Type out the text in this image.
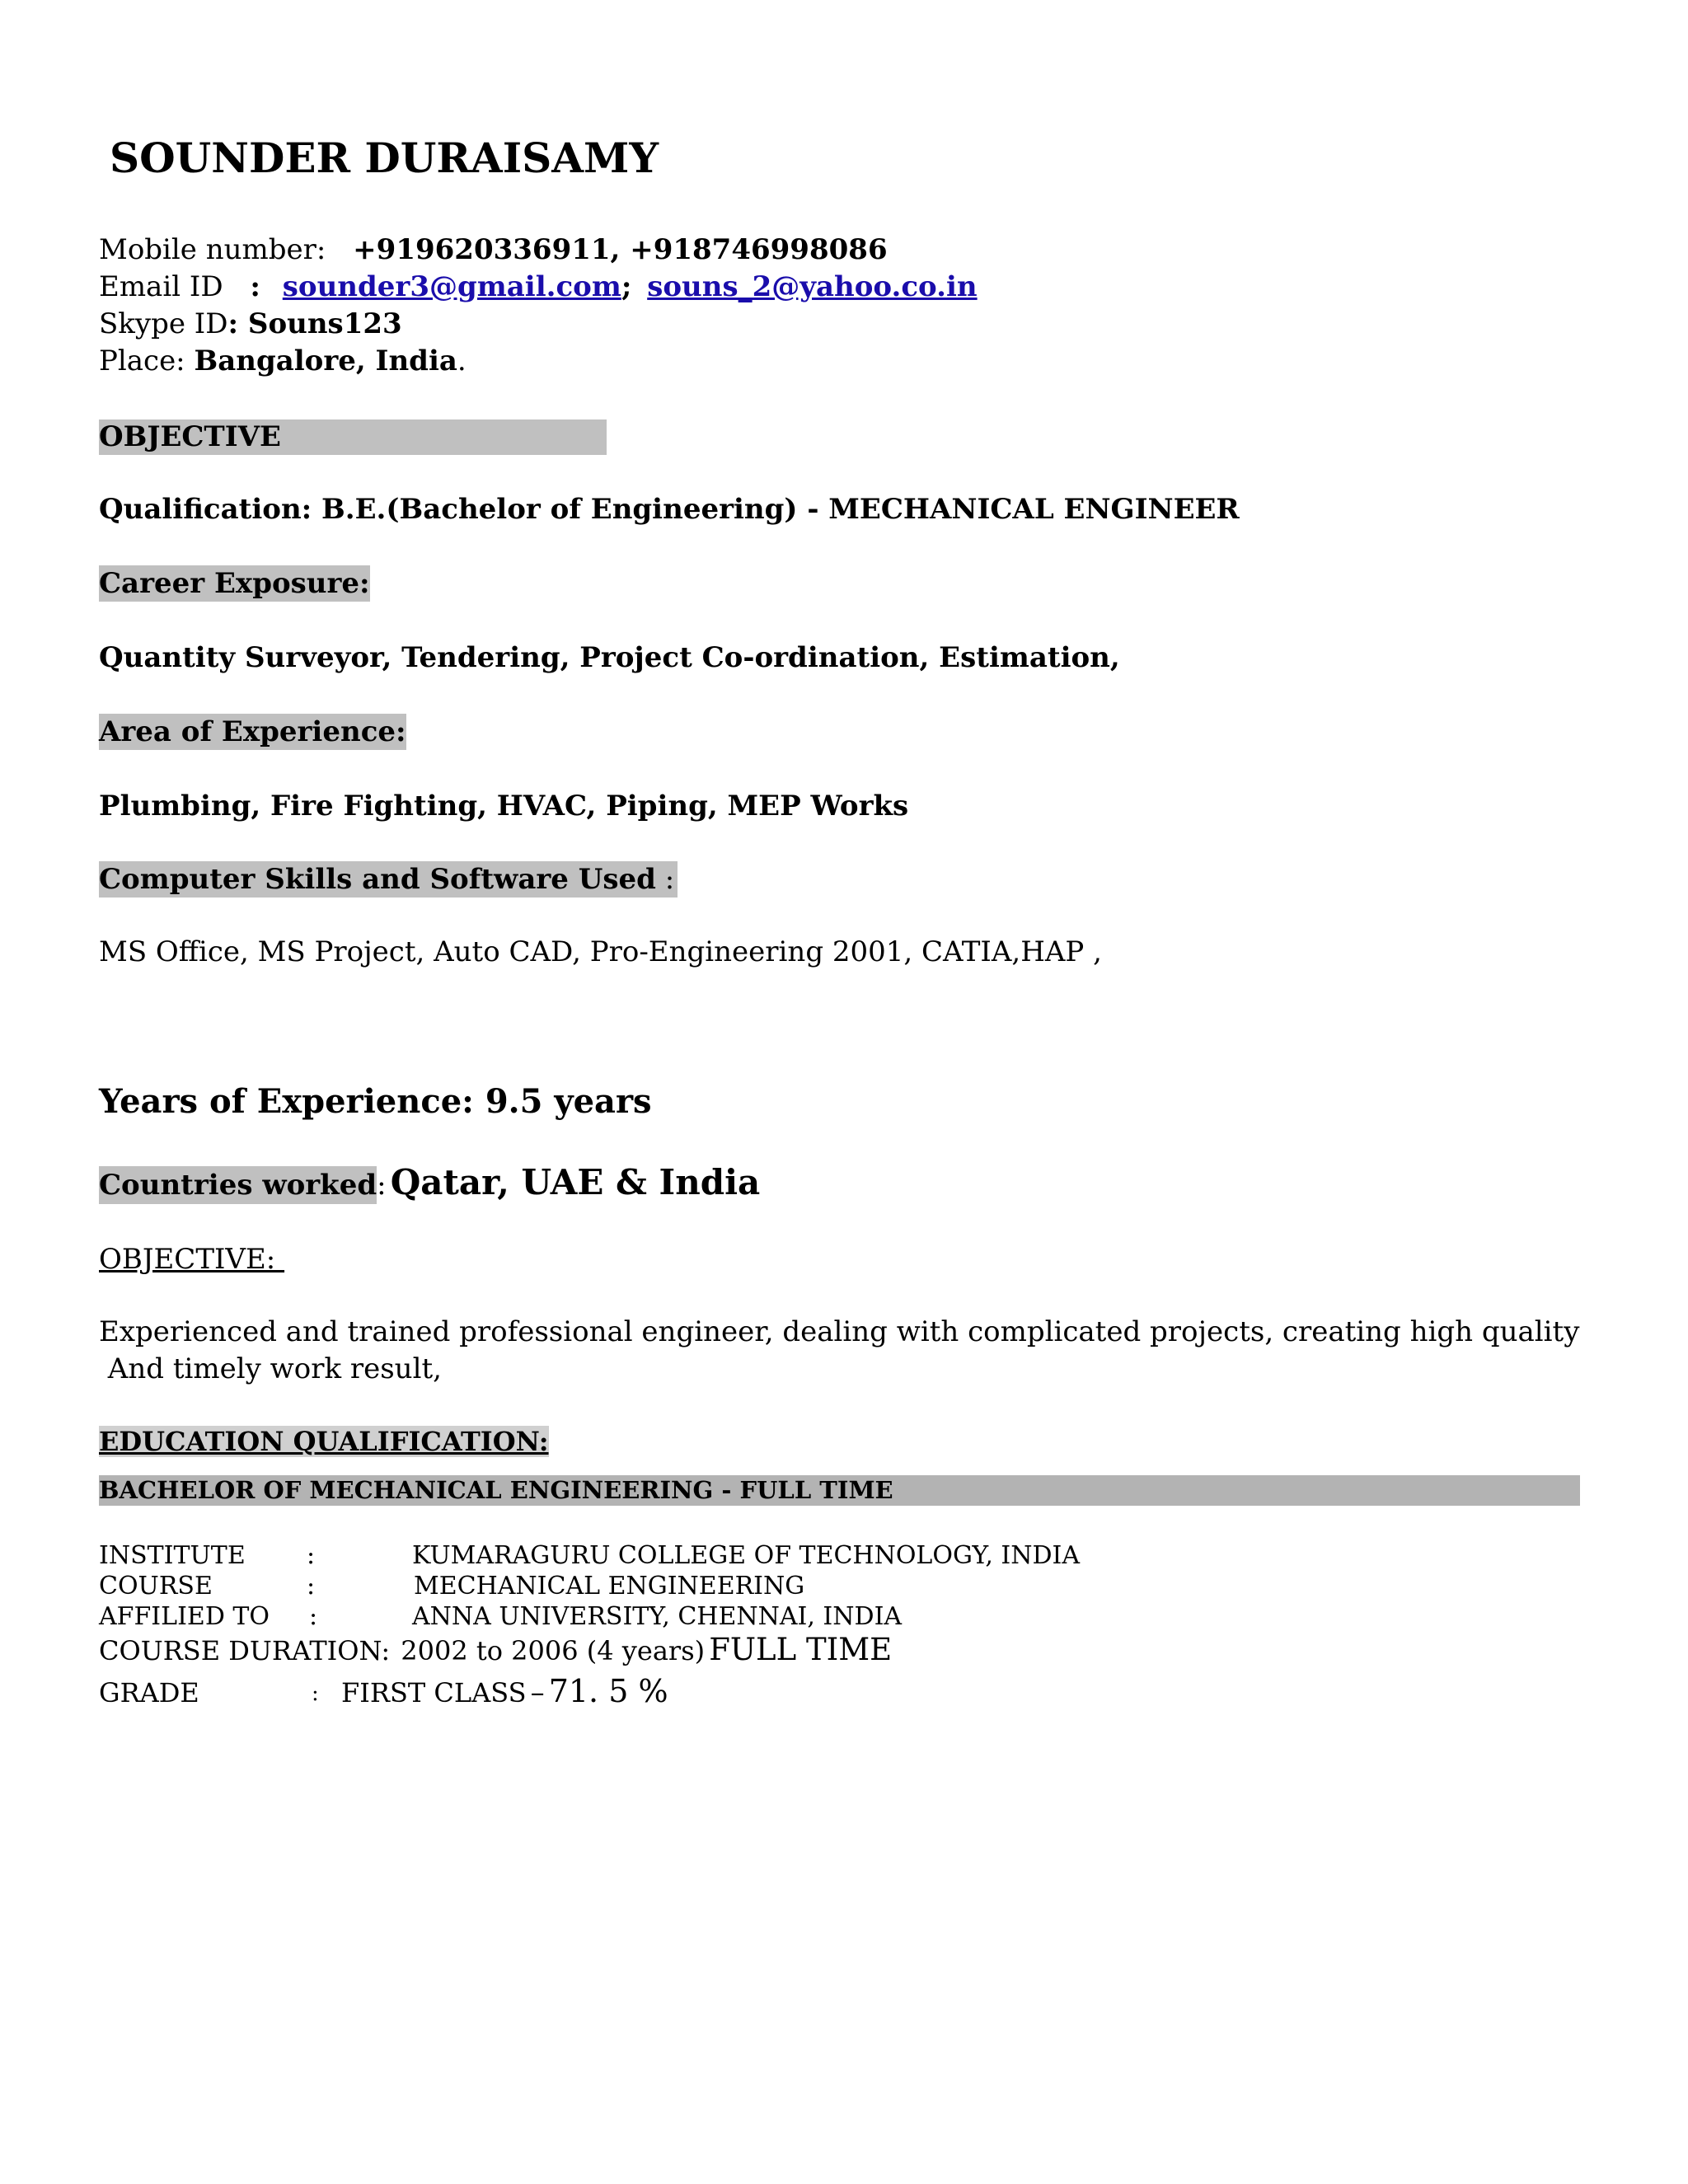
SOUNDER DURAISAMY
Mobile number: +919620336911, +918746998086
Email ID : sounder3@gmail.com; souns_2@yahoo.co.in
Skype ID: Souns123
Place: Bangalore, India.
OBJECTIVE
Qualification: B.E.(Bachelor of Engineering) - MECHANICAL ENGINEER
Career Exposure:
Quantity Surveyor, Tendering, Project Co-ordination, Estimation,
Area of Experience:
Plumbing, Fire Fighting, HVAC, Piping, MEP Works
Computer Skills and Software Used :
MS Office, MS Project, Auto CAD, Pro-Engineering 2001, CATIA,HAP ,
Years of Experience: 9.5 years
Countries worked: Qatar, UAE & India
OBJECTIVE:
Experienced and trained professional engineer, dealing with complicated projects, creating high quality
And timely work result,
EDUCATION QUALIFICATION:
BACHELOR OF MECHANICAL ENGINEERING - FULL TIME
INSTITUTE :	KUMARAGURU COLLEGE OF TECHNOLOGY, INDIA
COURSE	:	MECHANICAL ENGINEERING
AFFILIED TO :	ANNA UNIVERSITY, CHENNAI, INDIA
COURSE DURATION: 2002 to 2006 (4 years) FULL TIME
GRADE	: FIRST CLASS – 71. 5 %
